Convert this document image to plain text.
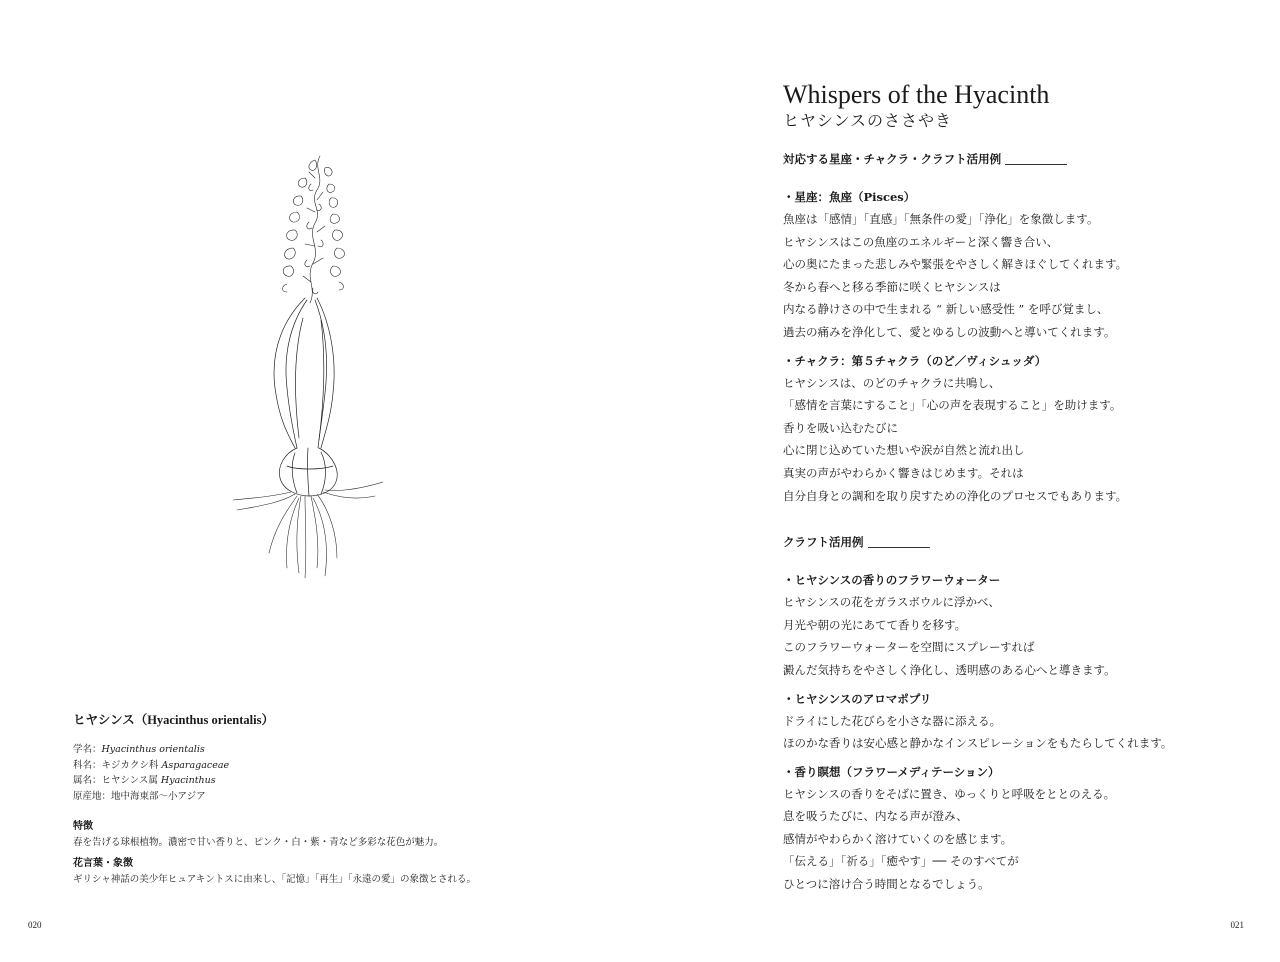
ヒヤシンス（Hyacinthus orientalis）
学名：Hyacinthus orientalis
科名：キジカクシ科 Asparagaceae
属名：ヒヤシンス属 Hyacinthus
原産地：地中海東部〜小アジア
特徴
春を告げる球根植物。濃密で甘い香りと、ピンク・白・紫・青など多彩な花色が魅力。
花言葉・象徴
ギリシャ神話の美少年ヒュアキントスに由来し、「記憶」「再生」「永遠の愛」の象徴とされる。
020
Whispers of the Hyacinth
ヒヤシンスのささやき
対応する星座・チャクラ・クラフト活用例
・星座：魚座（Pisces）
魚座は「感情」「直感」「無条件の愛」「浄化」を象徴します。
ヒヤシンスはこの魚座のエネルギーと深く響き合い、
心の奥にたまった悲しみや緊張をやさしく解きほぐしてくれます。
冬から春へと移る季節に咲くヒヤシンスは
内なる静けさの中で生まれる “ 新しい感受性 ” を呼び覚まし、
過去の痛みを浄化して、愛とゆるしの波動へと導いてくれます。
・チャクラ：第５チャクラ（のど／ヴィシュッダ）
ヒヤシンスは、のどのチャクラに共鳴し、
「感情を言葉にすること」「心の声を表現すること」を助けます。
香りを吸い込むたびに
心に閉じ込めていた想いや涙が自然と流れ出し
真実の声がやわらかく響きはじめます。それは
自分自身との調和を取り戻すための浄化のプロセスでもあります。
クラフト活用例
・ヒヤシンスの香りのフラワーウォーター
ヒヤシンスの花をガラスボウルに浮かべ、
月光や朝の光にあてて香りを移す。
このフラワーウォーターを空間にスプレーすれば
澱んだ気持ちをやさしく浄化し、透明感のある心へと導きます。
・ヒヤシンスのアロマポプリ
ドライにした花びらを小さな器に添える。
ほのかな香りは安心感と静かなインスピレーションをもたらしてくれます。
・香り瞑想（フラワーメディテーション）
ヒヤシンスの香りをそばに置き、ゆっくりと呼吸をととのえる。
息を吸うたびに、内なる声が澄み、
感情がやわらかく溶けていくのを感じます。
「伝える」「祈る」「癒やす」── そのすべてが
ひとつに溶け合う時間となるでしょう。
021
